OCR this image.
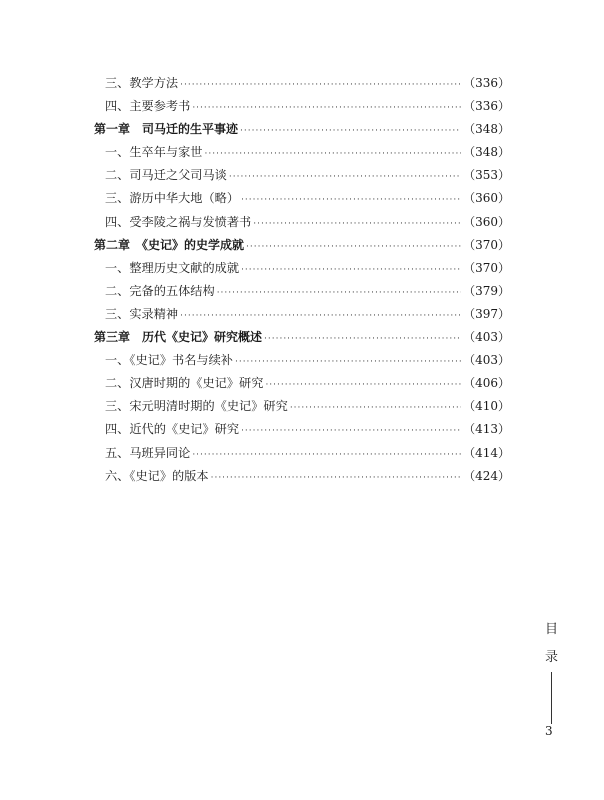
三、教学方法 ·····	（336）
四、主要参考书 ·····	（336）
第一章　司马迁的生平事迹 ·····	（348）
一、生卒年与家世 ·····	（348）
二、司马迁之父司马谈 ·····	（353）
三、游历中华大地（略） ·····	（360）
四、受李陵之祸与发愤著书 ·····	（360）
第二章　《史记》的史学成就 ·····	（370）
一、整理历史文献的成就 ·····	（370）
二、完备的五体结构 ·····	（379）
三、实录精神 ·····	（397）
第三章　历代《史记》研究概述 ·····	（403）
一、《史记》书名与续补 ·····	（403）
二、汉唐时期的《史记》研究 ·····	（406）
三、宋元明清时期的《史记》研究 ·····	（410）
四、近代的《史记》研究 ·····	（413）
五、马班异同论 ·····	（414）
六、《史记》的版本 ·····	（424）
目
录
3
